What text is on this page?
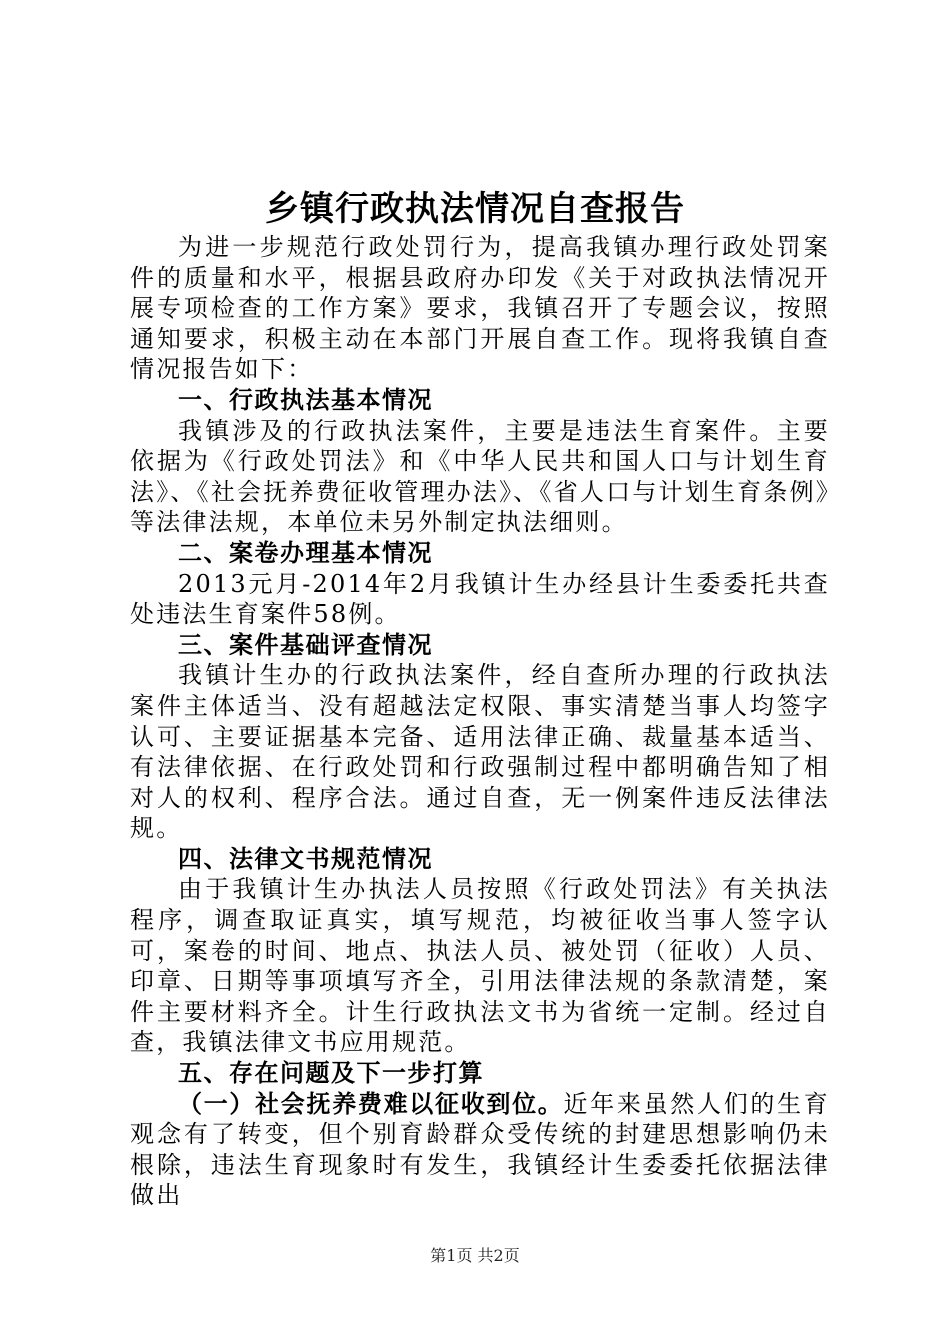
乡镇行政执法情况自查报告

为进一步规范行政处罚行为，提高我镇办理行政处罚案件的质量和水平，根据县政府办印发《关于对政执法情况开展专项检查的工作方案》要求，我镇召开了专题会议，按照通知要求，积极主动在本部门开展自查工作。现将我镇自查情况报告如下：

一、行政执法基本情况

我镇涉及的行政执法案件，主要是违法生育案件。主要依据为《行政处罚法》和《中华人民共和国人口与计划生育法》、《社会抚养费征收管理办法》、《省人口与计划生育条例》等法律法规，本单位未另外制定执法细则。

二、案卷办理基本情况

2013元月-2014年2月我镇计生办经县计生委委托共查处违法生育案件58例。

三、案件基础评查情况

我镇计生办的行政执法案件，经自查所办理的行政执法案件主体适当、没有超越法定权限、事实清楚当事人均签字认可、主要证据基本完备、适用法律正确、裁量基本适当、有法律依据、在行政处罚和行政强制过程中都明确告知了相对人的权利、程序合法。通过自查，无一例案件违反法律法规。

四、法律文书规范情况

由于我镇计生办执法人员按照《行政处罚法》有关执法程序，调查取证真实，填写规范，均被征收当事人签字认可，案卷的时间、地点、执法人员、被处罚（征收）人员、印章、日期等事项填写齐全，引用法律法规的条款清楚，案件主要材料齐全。计生行政执法文书为省统一定制。经过自查，我镇法律文书应用规范。

五、存在问题及下一步打算

（一）社会抚养费难以征收到位。近年来虽然人们的生育观念有了转变，但个别育龄群众受传统的封建思想影响仍未根除，违法生育现象时有发生，我镇经计生委委托依据法律做出

第1页 共2页
